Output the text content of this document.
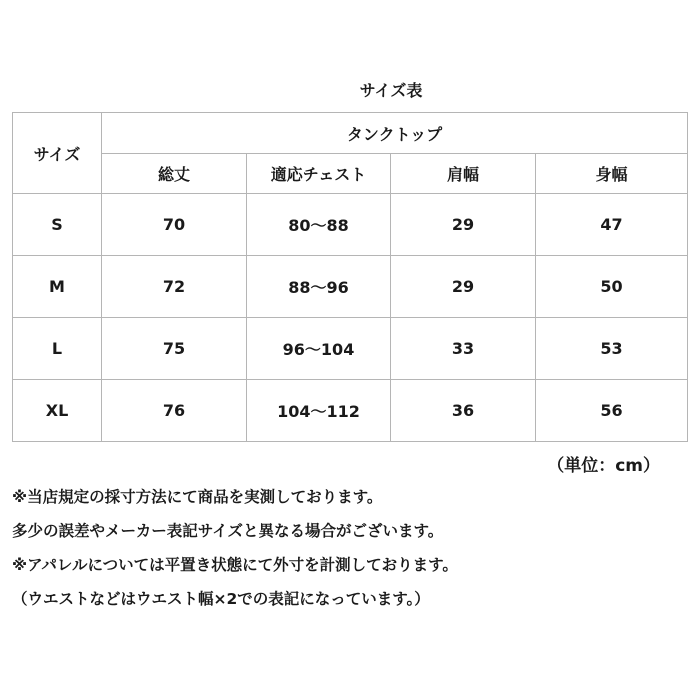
サイズ表
サイズ	タンクトップ			
	総丈	適応チェスト	肩幅	身幅
S	70	80～88	29	47
M	72	88～96	29	50
L	75	96～104	33	53
XL	76	104～112	36	56
（単位：cm）
※当店規定の採寸方法にて商品を実測しております。
多少の誤差やメーカー表記サイズと異なる場合がございます。
※アパレルについては平置き状態にて外寸を計測しております。
（ウエストなどはウエスト幅×2での表記になっています。）
